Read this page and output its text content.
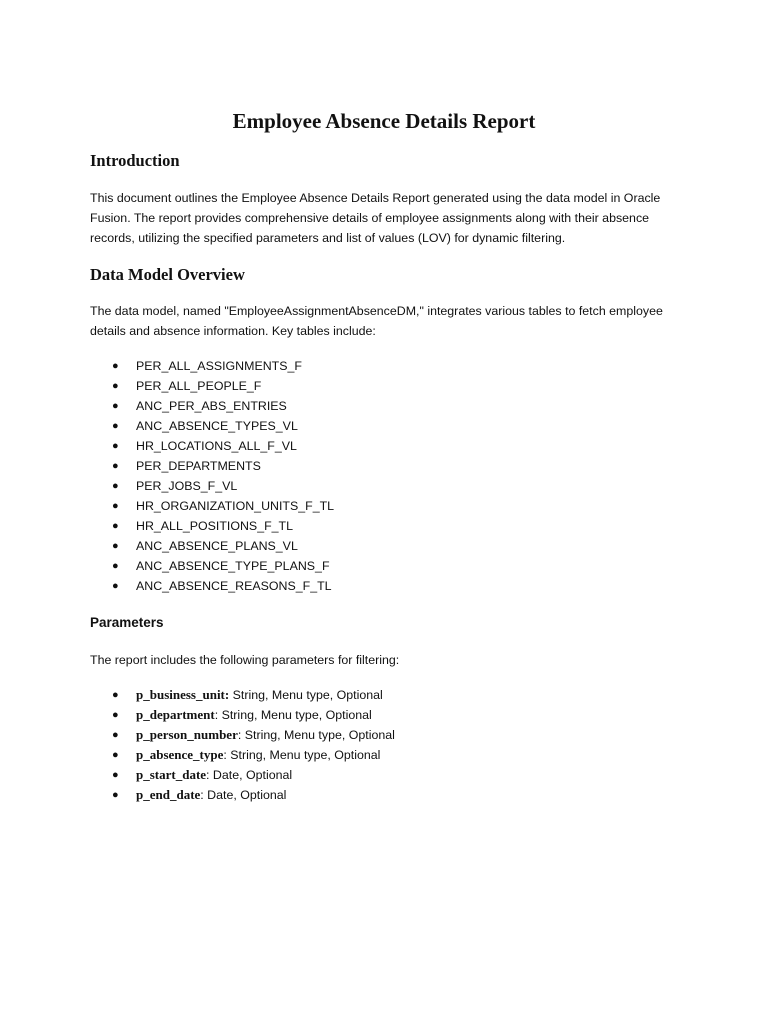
Employee Absence Details Report
Introduction
This document outlines the Employee Absence Details Report generated using the data model in Oracle
Fusion. The report provides comprehensive details of employee assignments along with their absence
records, utilizing the specified parameters and list of values (LOV) for dynamic filtering.
Data Model Overview
The data model, named "EmployeeAssignmentAbsenceDM," integrates various tables to fetch employee
details and absence information. Key tables include:
● PER_ALL_ASSIGNMENTS_F
● PER_ALL_PEOPLE_F
● ANC_PER_ABS_ENTRIES
● ANC_ABSENCE_TYPES_VL
● HR_LOCATIONS_ALL_F_VL
● PER_DEPARTMENTS
● PER_JOBS_F_VL
● HR_ORGANIZATION_UNITS_F_TL
● HR_ALL_POSITIONS_F_TL
● ANC_ABSENCE_PLANS_VL
● ANC_ABSENCE_TYPE_PLANS_F
● ANC_ABSENCE_REASONS_F_TL
Parameters

The report includes the following parameters for filtering:

● p_business_unit: String, Menu type, Optional
● p_department: String, Menu type, Optional
● p_person_number: String, Menu type, Optional
● p_absence_type: String, Menu type, Optional
● p_start_date: Date, Optional
● p_end_date: Date, Optional
